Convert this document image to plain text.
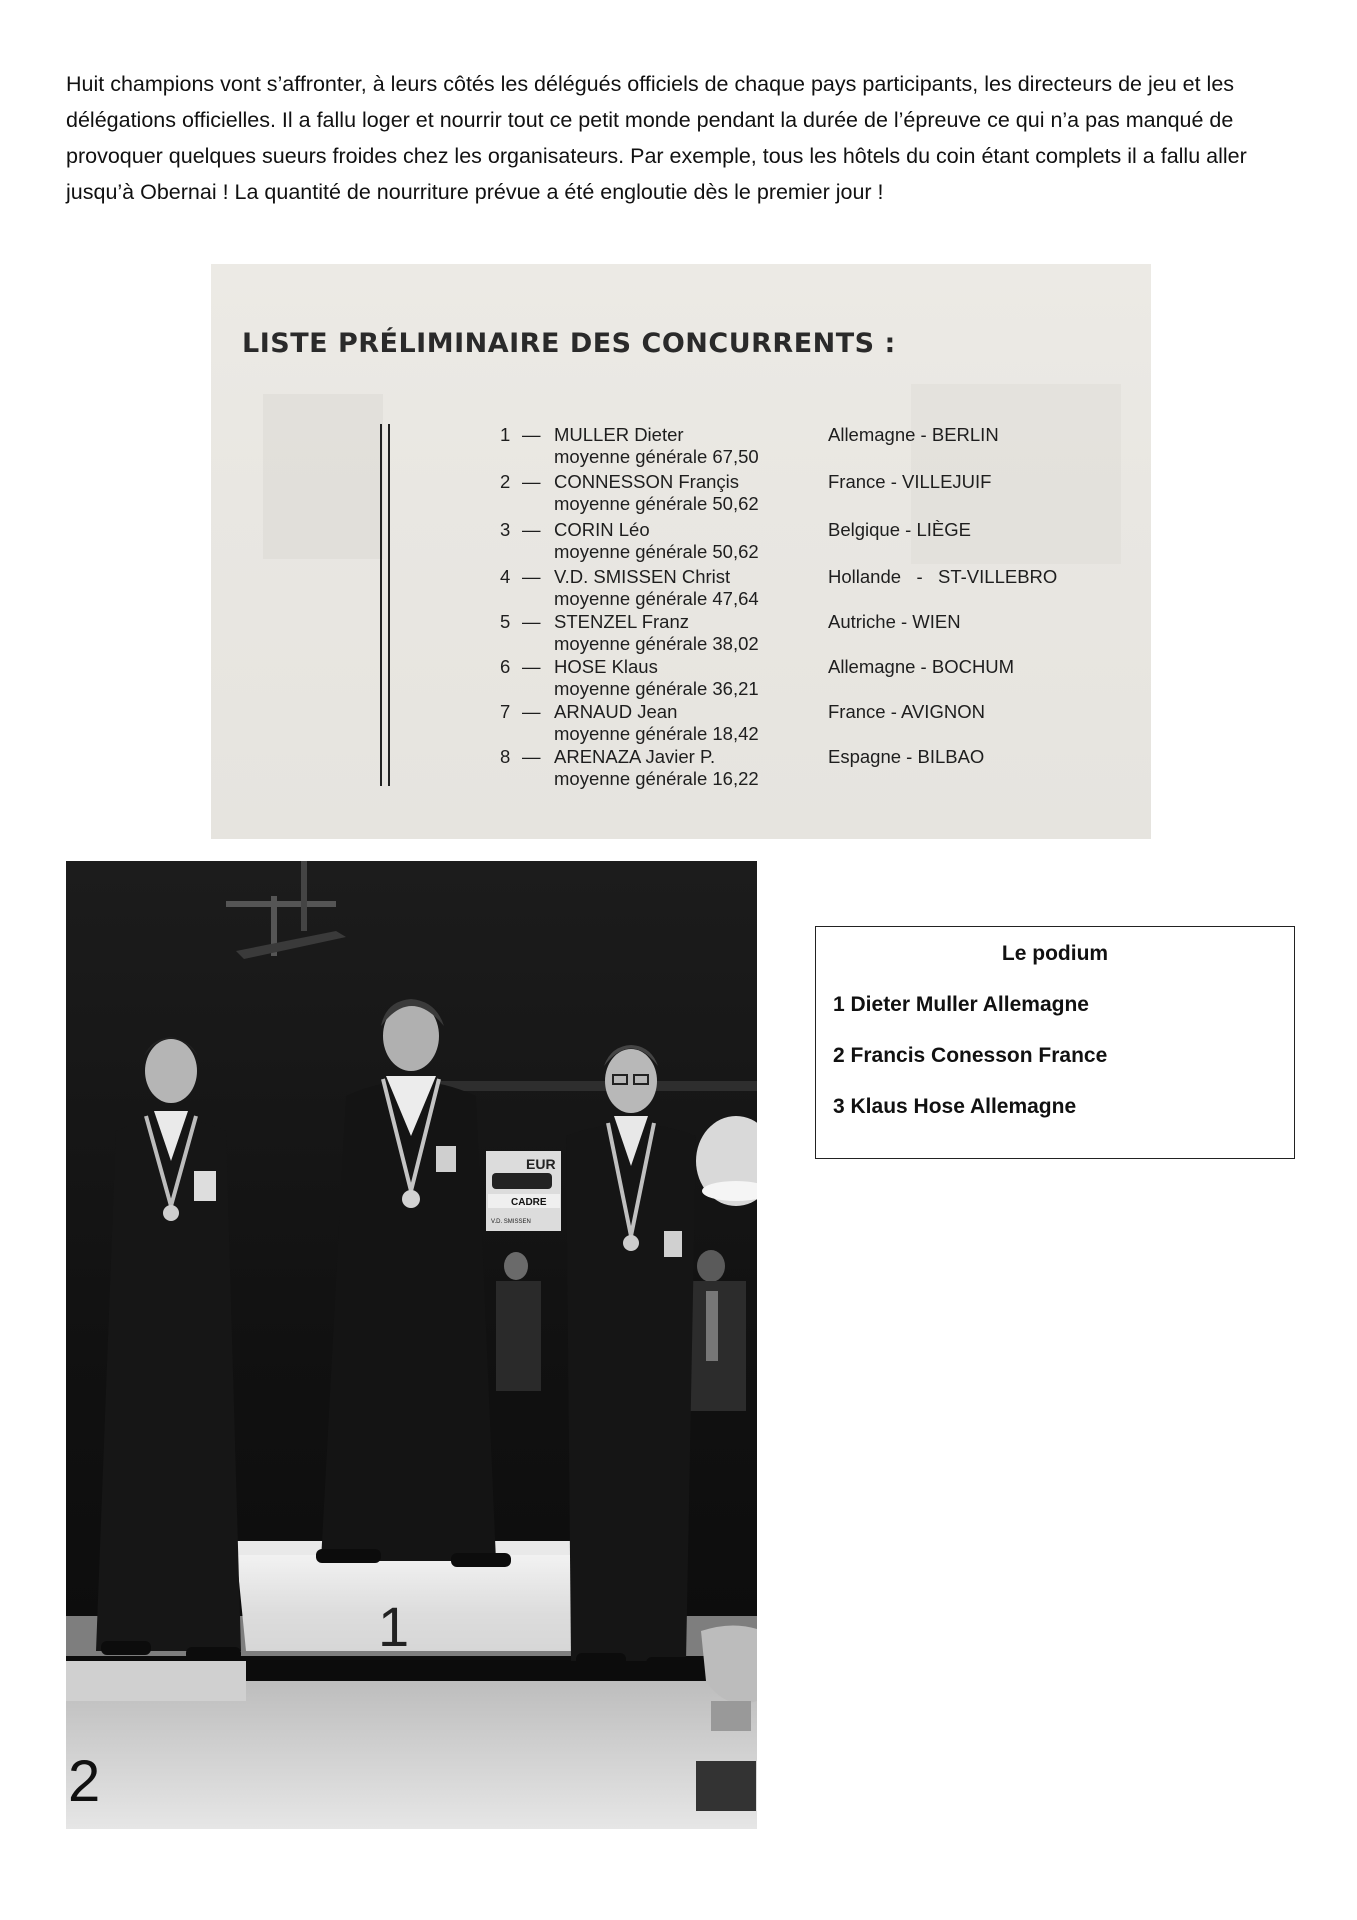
Huit champions vont s’affronter, à leurs côtés les délégués officiels de chaque pays participants, les directeurs de jeu et les délégations officielles. Il a fallu loger et nourrir tout ce petit monde pendant la durée de l’épreuve ce qui n’a pas manqué de provoquer quelques sueurs froides chez les organisateurs. Par exemple, tous les hôtels du coin étant complets il a fallu aller jusqu’à Obernai ! La quantité de nourriture prévue a été engloutie dès le premier jour !

LISTE PRÉLIMINAIRE DES CONCURRENTS :
1 — MULLER Dieter
moyenne générale 67,50
Allemagne - BERLIN
2 — CONNESSON Françis
moyenne générale 50,62
France - VILLEJUIF
3 — CORIN Léo
moyenne générale 50,62
Belgique - LIÈGE
4 — V.D. SMISSEN Christ
moyenne générale 47,64
Hollande   -   ST-VILLEBRO
5 — STENZEL Franz
moyenne générale 38,02
Autriche - WIEN
6 — HOSE Klaus
moyenne générale 36,21
Allemagne - BOCHUM
7 — ARNAUD Jean
moyenne générale 18,42
France - AVIGNON
8 — ARENAZA Javier P.
moyenne générale 16,22
Espagne - BILBAO
EUR
CADRE
V.D. SMISSEN
1
2
Le podium
1 Dieter Muller Allemagne
2 Francis Conesson France
3 Klaus Hose Allemagne
